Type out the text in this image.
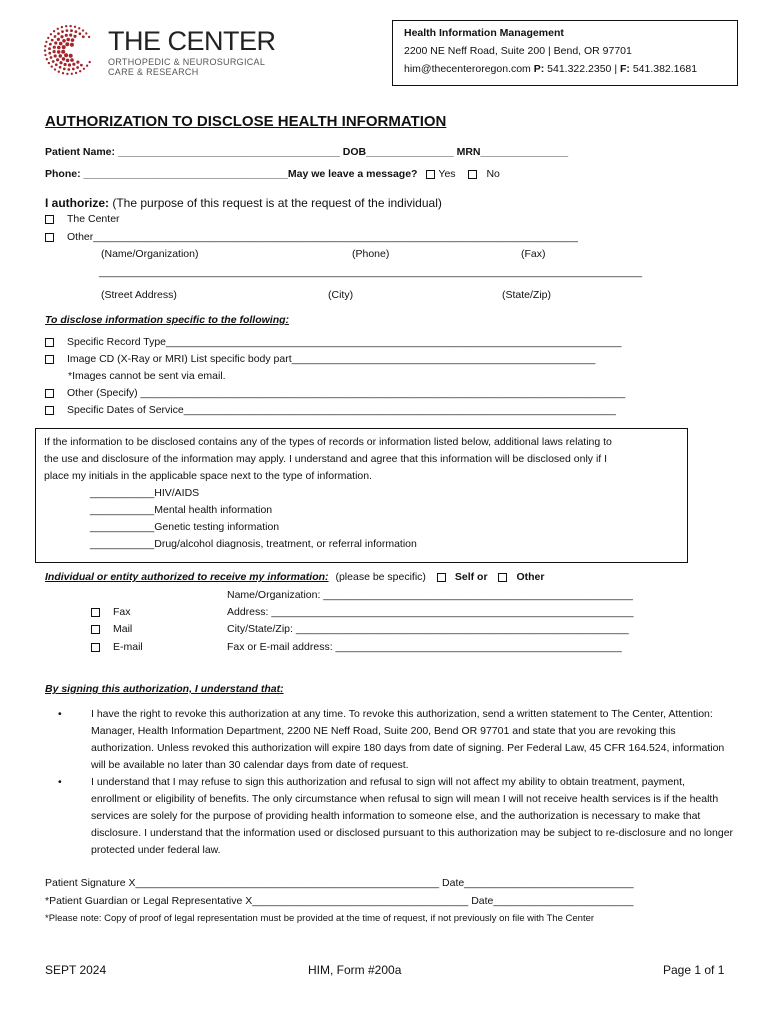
THE CENTER
ORTHOPEDIC & NEUROSURGICAL
CARE & RESEARCH
Health Information Management
2200 NE Neff Road, Suite 200 | Bend, OR 97701
him@thecenteroregon.com P: 541.322.2350 | F: 541.382.1681
AUTHORIZATION TO DISCLOSE HEALTH INFORMATION
Patient Name: ______________________________________ DOB_______________ MRN_______________
Phone: ___________________________________May we leave a message? Yes	No
I authorize: (The purpose of this request is at the request of the individual)
The Center
Other___________________________________________________________________________________
(Name/Organization)	(Phone)	(Fax)
_____________________________________________________________________________________________
(Street Address)	(City)	(State/Zip)
To disclose information specific to the following:
Specific Record Type______________________________________________________________________________
Image CD (X-Ray or MRI) List specific body part____________________________________________________
*Images cannot be sent via email.
Other (Specify) ___________________________________________________________________________________
Specific Dates of Service__________________________________________________________________________
If the information to be disclosed contains any of the types of records or information listed below, additional laws relating to
the use and disclosure of the information may apply. I understand and agree that this information will be disclosed only if I
place my initials in the applicable space next to the type of information.
___________HIV/AIDS
___________Mental health information
___________Genetic testing information
___________Drug/alcohol diagnosis, treatment, or referral information
Individual or entity authorized to receive my information: (please be specific)	Self or	Other
Name/Organization: _____________________________________________________
Fax	Address: ______________________________________________________________
Mail	City/State/Zip: _________________________________________________________
E-mail	Fax or E-mail address: _________________________________________________
By signing this authorization, I understand that:
•	I have the right to revoke this authorization at any time. To revoke this authorization, send a written statement to The Center, Attention: Manager, Health Information Department, 2200 NE Neff Road, Suite 200, Bend OR 97701 and state that you are revoking this authorization. Unless revoked this authorization will expire 180 days from date of signing. Per Federal Law, 45 CFR 164.524, information will be available no later than 30 calendar days from date of request.
•	I understand that I may refuse to sign this authorization and refusal to sign will not affect my ability to obtain treatment, payment, enrollment or eligibility of benefits. The only circumstance when refusal to sign will mean I will not receive health services is if the health services are solely for the purpose of providing health information to someone else, and the authorization is necessary to make that disclosure. I understand that the information used or disclosed pursuant to this authorization may be subject to re-disclosure and no longer protected under federal law.
Patient Signature X____________________________________________________ Date_____________________________
*Patient Guardian or Legal Representative X_____________________________________ Date________________________
*Please note: Copy of proof of legal representation must be provided at the time of request, if not previously on file with The Center
SEPT 2024	HIM, Form #200a	Page 1 of 1
